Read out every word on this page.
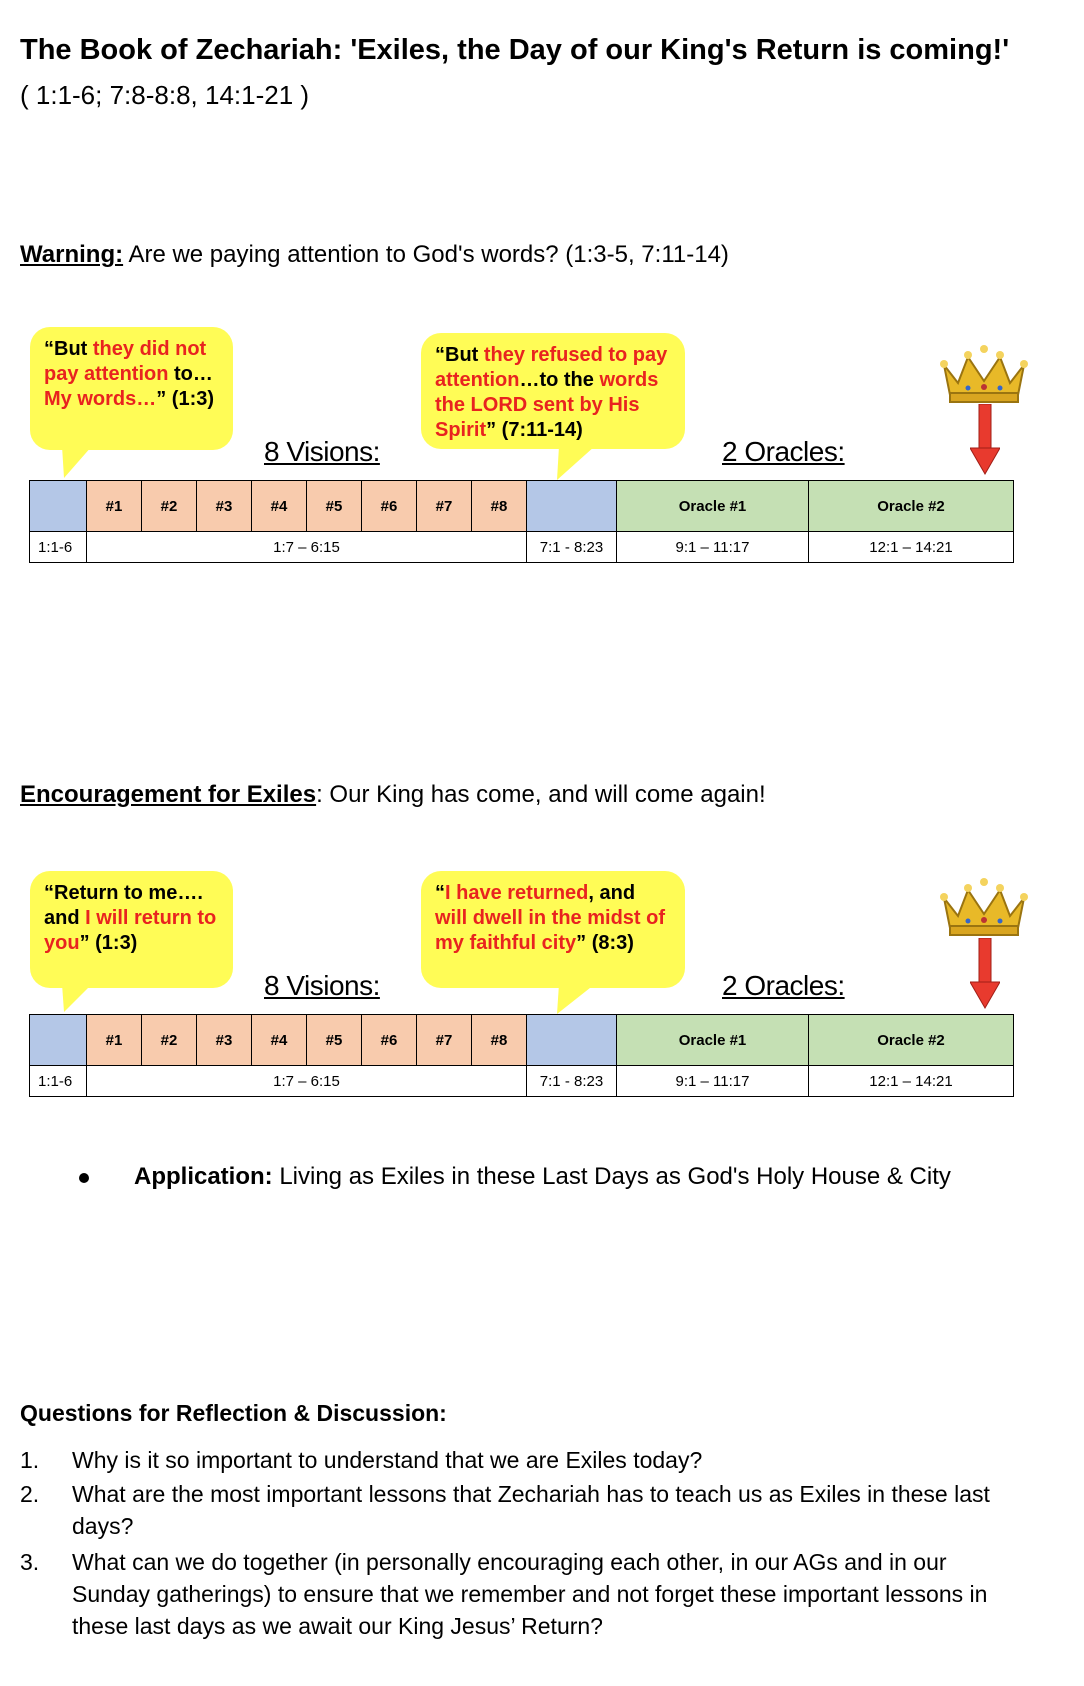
The Book of Zechariah: 'Exiles, the Day of our King's Return is coming!'
( 1:1-6; 7:8-8:8, 14:1-21 )
Warning: Are we paying attention to God's words? (1:3-5, 7:11-14)
“But they did not pay attention to…My words…” (1:3)
“But they refused to pay attention…to the words the LORD sent by His Spirit” (7:11-14)
8 Visions:	2 Oracles:
	#1	#2	#3	#4	#5	#6	#7	#8		Oracle #1	Oracle #2
1:1-6	1:7 – 6:15								7:1 - 8:23	9:1 – 11:17	12:1 – 14:21
Encouragement for Exiles: Our King has come, and will come again!
“Return to me…. and I will return to you” (1:3)
“I have returned, and will dwell in the midst of my faithful city” (8:3)
8 Visions:	2 Oracles:
	#1	#2	#3	#4	#5	#6	#7	#8		Oracle #1	Oracle #2
1:1-6	1:7 – 6:15								7:1 - 8:23	9:1 – 11:17	12:1 – 14:21
Application: Living as Exiles in these Last Days as God's Holy House & City
Questions for Reflection & Discussion:
1. Why is it so important to understand that we are Exiles today?
2. What are the most important lessons that Zechariah has to teach us as Exiles in these last days?
3. What can we do together (in personally encouraging each other, in our AGs and in our Sunday gatherings) to ensure that we remember and not forget these important lessons in these last days as we await our King Jesus’ Return?
